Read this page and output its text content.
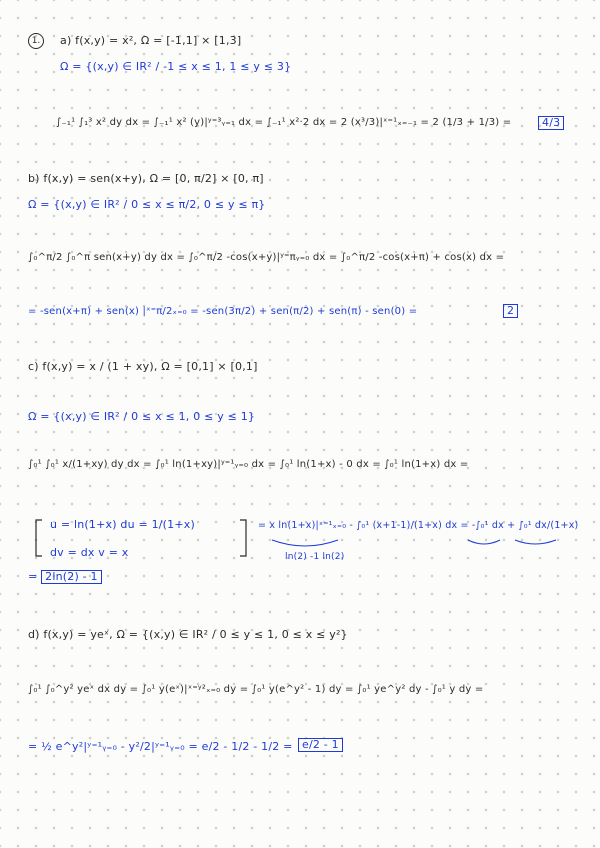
1.	a) f(x,y) = x², Ω = [-1,1] × [1,3]
Ω = {(x,y) ∈ IR² / -1 ≤ x ≤ 1, 1 ≤ y ≤ 3}
∫₋₁¹ ∫₁³ x² dy dx = ∫₋₁¹ x² (y)|ʸ⁼³ᵧ₌₁ dx = ∫₋₁¹ x²·2 dx = 2 (x³/3)|ˣ⁼¹ₓ₌₋₁ = 2 (1/3 + 1/3) =	4/3
b) f(x,y) = sen(x+y), Ω = [0, π/2] × [0, π]
Ω = {(x,y) ∈ IR² / 0 ≤ x ≤ π/2, 0 ≤ y ≤ π}
∫₀^π/2 ∫₀^π sen(x+y) dy dx = ∫₀^π/2 -cos(x+y)|ʸ⁼πᵧ₌₀ dx = ∫₀^π/2 -cos(x+π) + cos(x) dx =
= -sen(x+π) + sen(x) |ˣ⁼π/2ₓ₌₀ = -sen(3π/2) + sen(π/2) + sen(π) - sen(0) =	2
c) f(x,y) = x / (1 + xy), Ω = [0,1] × [0,1]
Ω = {(x,y) ∈ IR² / 0 ≤ x ≤ 1, 0 ≤ y ≤ 1}
∫₀¹ ∫₀¹ x/(1+xy) dy dx = ∫₀¹ ln(1+xy)|ʸ⁼¹ᵧ₌₀ dx = ∫₀¹ ln(1+x) - 0 dx = ∫₀¹ ln(1+x) dx =
u = ln(1+x) du = 1/(1+x)
dv = dx v = x
= x ln(1+x)|ˣ⁼¹ₓ₌₀ - ∫₀¹ (x+1-1)/(1+x) dx = -∫₀¹ dx + ∫₀¹ dx/(1+x)
ln(2) -1 ln(2)
= 2ln(2) - 1
d) f(x,y) = yeˣ, Ω = {(x,y) ∈ IR² / 0 ≤ y ≤ 1, 0 ≤ x ≤ y²}
∫₀¹ ∫₀^y² yeˣ dx dy = ∫₀¹ y(eˣ)|ˣ⁼ʸ²ₓ₌₀ dy = ∫₀¹ y(e^y² - 1) dy = ∫₀¹ ye^y² dy - ∫₀¹ y dy =
= ½ e^y²|ʸ⁼¹ᵧ₌₀ - y²/2|ʸ⁼¹ᵧ₌₀ = e/2 - 1/2 - 1/2 = e/2 - 1
